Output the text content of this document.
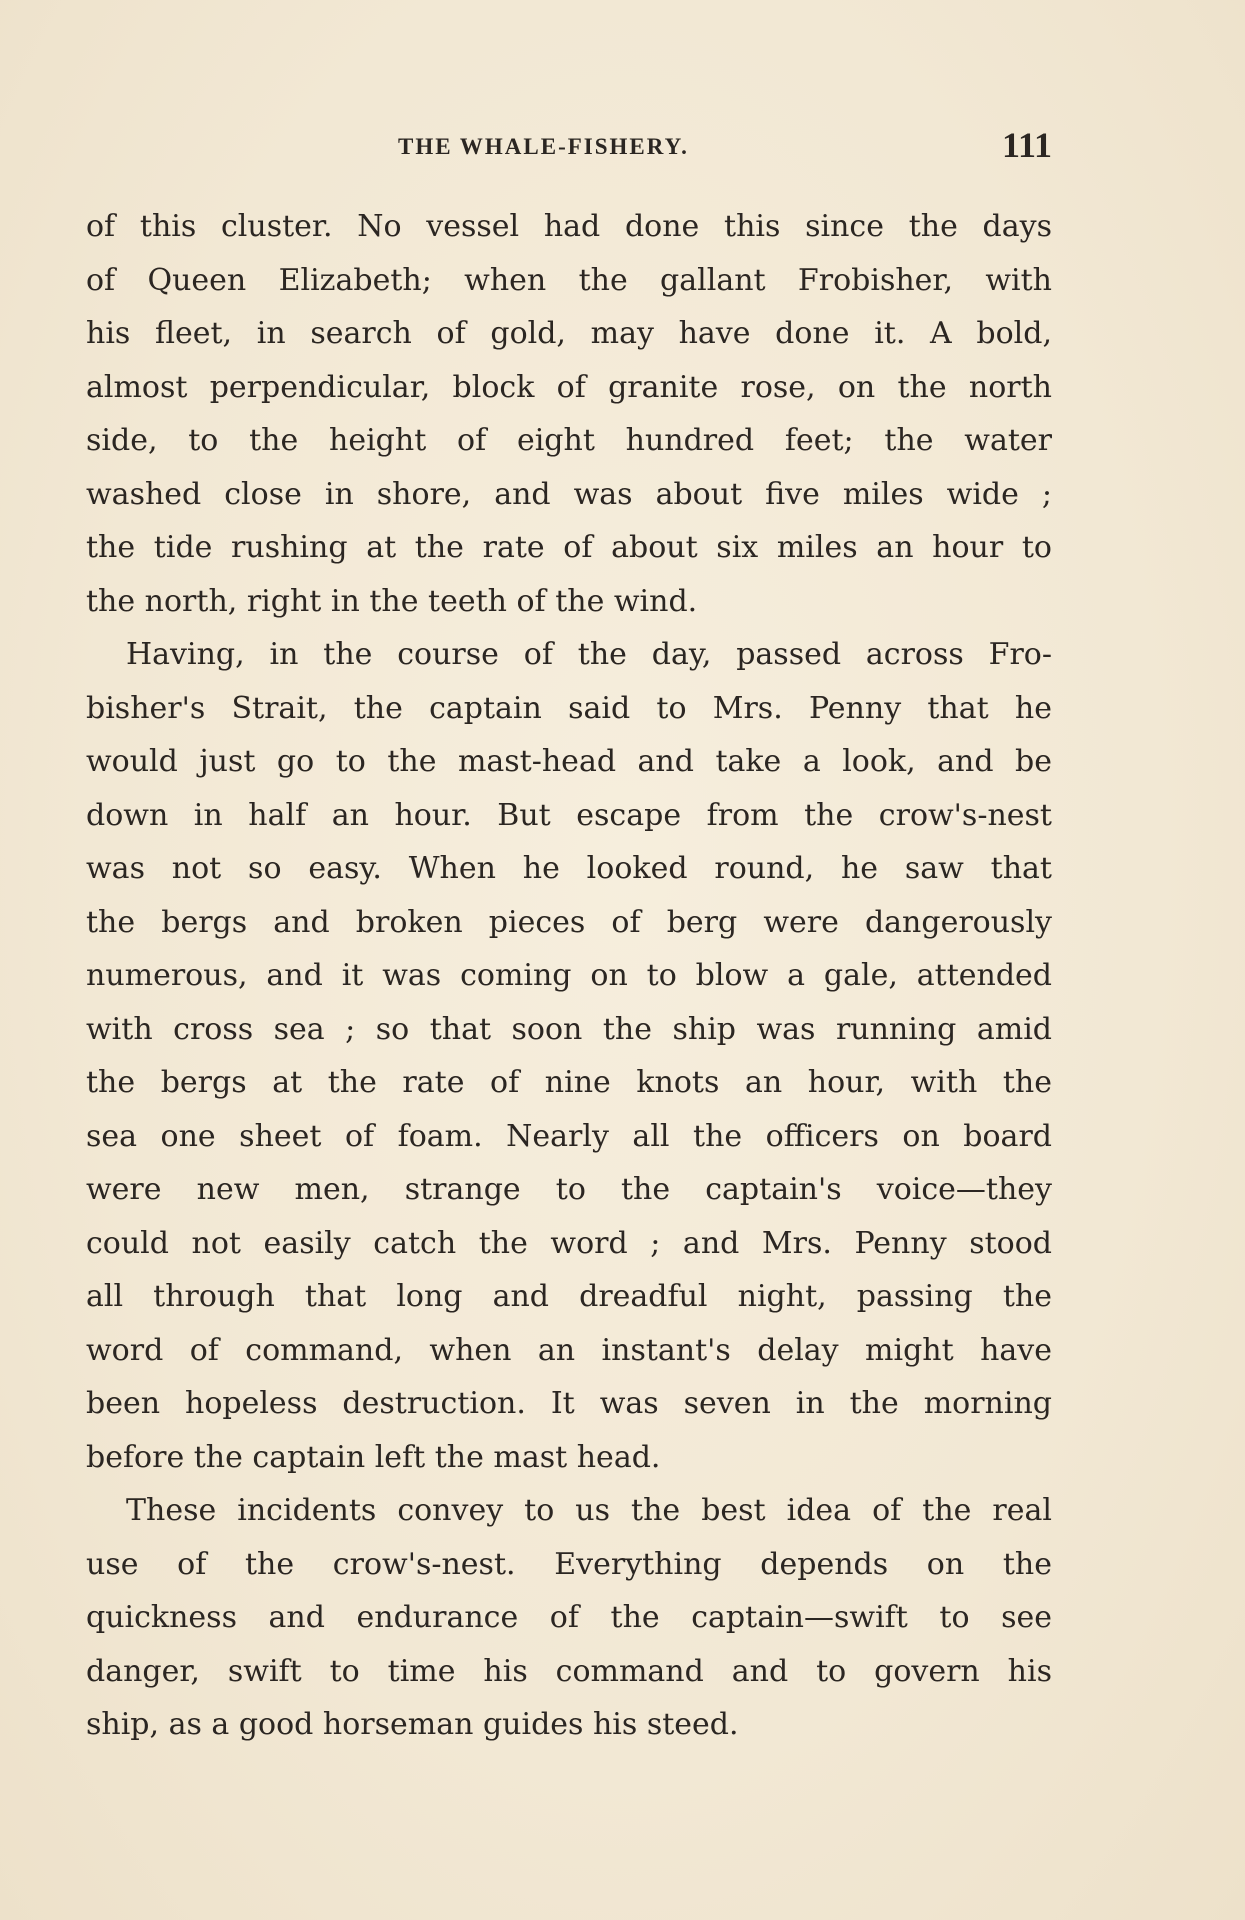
THE WHALE-FISHERY.	111
of this cluster. No vessel had done this since the days
of Queen Elizabeth; when the gallant Frobisher, with
his fleet, in search of gold, may have done it. A bold,
almost perpendicular, block of granite rose, on the north
side, to the height of eight hundred feet; the water
washed close in shore, and was about five miles wide ;
the tide rushing at the rate of about six miles an hour to
the north, right in the teeth of the wind.
Having, in the course of the day, passed across Fro-
bisher's Strait, the captain said to Mrs. Penny that he
would just go to the mast-head and take a look, and be
down in half an hour. But escape from the crow's-nest
was not so easy. When he looked round, he saw that
the bergs and broken pieces of berg were dangerously
numerous, and it was coming on to blow a gale, attended
with cross sea ; so that soon the ship was running amid
the bergs at the rate of nine knots an hour, with the
sea one sheet of foam. Nearly all the officers on board
were new men, strange to the captain's voice—they
could not easily catch the word ; and Mrs. Penny stood
all through that long and dreadful night, passing the
word of command, when an instant's delay might have
been hopeless destruction. It was seven in the morning
before the captain left the mast head.
These incidents convey to us the best idea of the real
use of the crow's-nest. Everything depends on the
quickness and endurance of the captain—swift to see
danger, swift to time his command and to govern his
ship, as a good horseman guides his steed.
